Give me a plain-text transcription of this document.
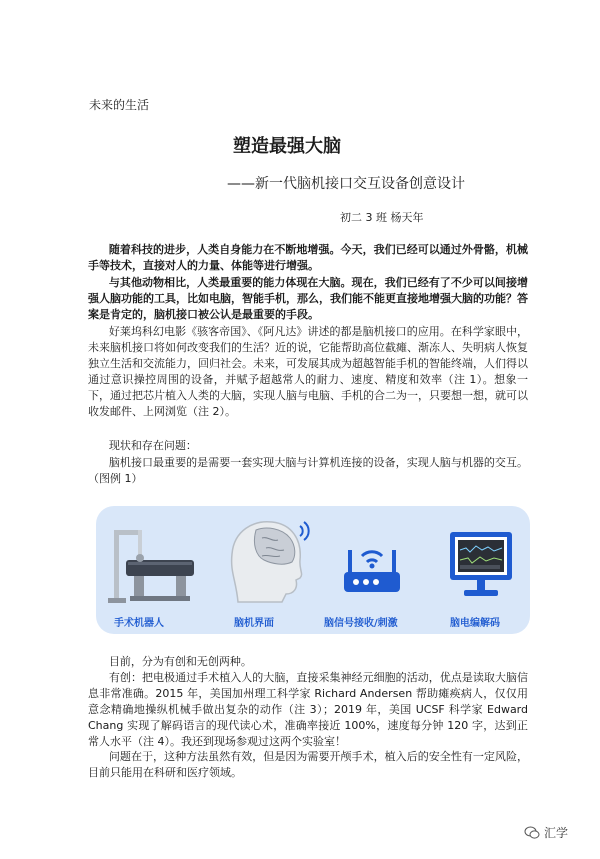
未来的生活
塑造最强大脑
——新一代脑机接口交互设备创意设计
初二 3 班 杨天年
随着科技的进步，人类自身能力在不断地增强。今天，我们已经可以通过外骨骼，机械手等技术，直接对人的力量、体能等进行增强。
与其他动物相比，人类最重要的能力体现在大脑。现在，我们已经有了不少可以间接增强人脑功能的工具，比如电脑，智能手机，那么，我们能不能更直接地增强大脑的功能？答案是肯定的，脑机接口被公认是最重要的手段。
好莱坞科幻电影《骇客帝国》、《阿凡达》讲述的都是脑机接口的应用。在科学家眼中，未来脑机接口将如何改变我们的生活？近的说，它能帮助高位截瘫、渐冻人、失明病人恢复独立生活和交流能力，回归社会。未来，可发展其成为超越智能手机的智能终端，人们得以通过意识操控周围的设备，并赋予超越常人的耐力、速度、精度和效率（注 1）。想象一下，通过把芯片植入人类的大脑，实现人脑与电脑、手机的合二为一，只要想一想，就可以收发邮件、上网浏览（注 2）。
现状和存在问题：
脑机接口最重要的是需要一套实现大脑与计算机连接的设备，实现人脑与机器的交互。（图例 1）
手术机器人	脑机界面	脑信号接收/刺激	脑电编解码
目前，分为有创和无创两种。
有创：把电极通过手术植入人的大脑，直接采集神经元细胞的活动，优点是读取大脑信息非常准确。2015 年，美国加州理工科学家 Richard Andersen 帮助瘫痪病人，仅仅用意念精确地操纵机械手做出复杂的动作（注 3）；2019 年，美国 UCSF 科学家 Edward Chang 实现了解码语言的现代读心术，准确率接近 100%，速度每分钟 120 字，达到正常人水平（注 4）。我还到现场参观过这两个实验室！
问题在于，这种方法虽然有效，但是因为需要开颅手术，植入后的安全性有一定风险，目前只能用在科研和医疗领域。
汇学
